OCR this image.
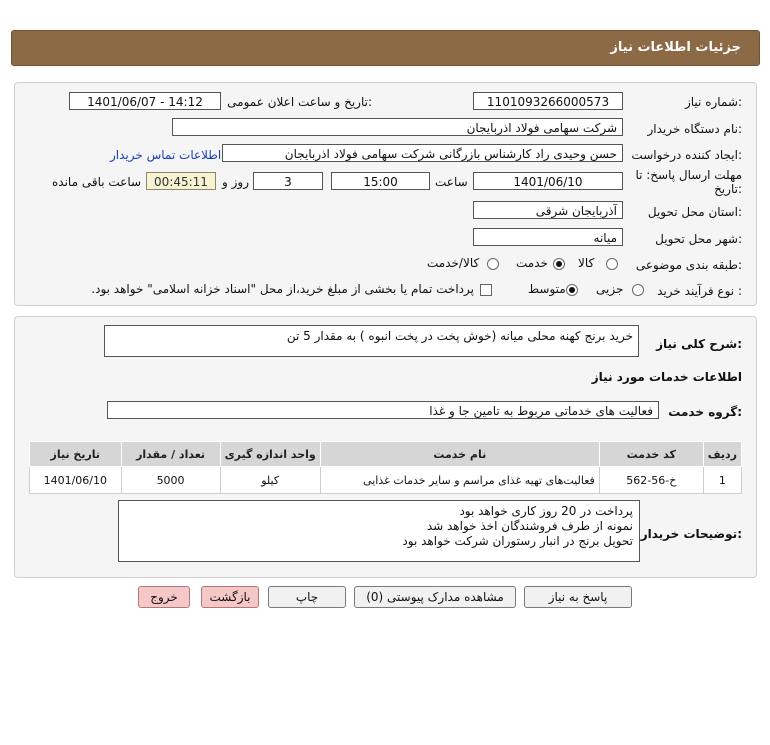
جزئیات اطلاعات نیاز
شماره نیاز:
1101093266000573
تاریخ و ساعت اعلان عمومی:
1401/06/07 - 14:12
نام دستگاه خریدار:
شرکت سهامی فولاد اذربایجان
ایجاد کننده درخواست:
حسن وحیدی راد کارشناس بازرگانی شرکت سهامی فولاد اذربایجان
اطلاعات تماس خریدار
مهلت ارسال پاسخ: تا
تاریخ:
1401/06/10
ساعت
15:00
3
روز و
00:45:11
ساعت باقی مانده
استان محل تحویل:
آذربایجان شرقی
شهر محل تحویل:
میانه
طبقه بندی موضوعی:
کالا
خدمت
کالا/خدمت
نوع فرآیند خرید :
جزیی
متوسط
پرداخت تمام یا بخشی از مبلغ خرید،از محل "اسناد خزانه اسلامی" خواهد بود.
شرح کلی نیاز:
خرید برنج کهنه محلی میانه (خوش پخت در پخت انبوه ) به مقدار 5 تن
اطلاعات خدمات مورد نیاز
گروه خدمت:
فعالیت های خدماتی مربوط به تامین جا و غذا
ردیف	کد خدمت	نام خدمت	واحد اندازه گیری	تعداد / مقدار	تاریخ نیاز
1	خ-56-562	فعالیت‌های تهیه غذای مراسم و سایر خدمات غذایی	کیلو	5000	1401/06/10
توضیحات خریدار:
پرداخت در 20 روز کاری خواهد بود
نمونه از طرف فروشندگان اخذ خواهد شد
تحویل برنج در انبار رستوران شرکت خواهد بود
پاسخ به نیاز
مشاهده مدارک پیوستی (0)
چاپ
بازگشت
خروج
